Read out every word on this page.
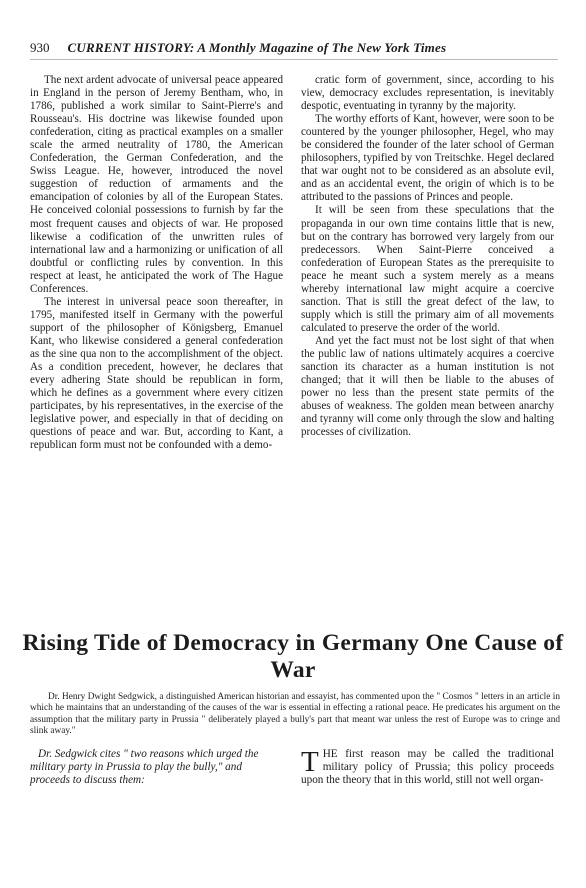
930 CURRENT HISTORY: A Monthly Magazine of The New York Times

The next ardent advocate of universal peace appeared in England in the person of Jeremy Bentham, who, in 1786, published a work similar to Saint-Pierre's and Rousseau's. His doctrine was likewise founded upon confederation, citing as practical examples on a smaller scale the armed neutrality of 1780, the American Confederation, the German Confederation, and the Swiss League. He, however, introduced the novel suggestion of reduction of armaments and the emancipation of colonies by all of the European States. He conceived colonial possessions to furnish by far the most frequent causes and objects of war. He proposed likewise a codification of the unwritten rules of international law and a harmonizing or unification of all doubtful or conflicting rules by convention. In this respect at least, he anticipated the work of The Hague Conferences.

The interest in universal peace soon thereafter, in 1795, manifested itself in Germany with the powerful support of the philosopher of Königsberg, Emanuel Kant, who likewise considered a general confederation as the sine qua non to the accomplishment of the object. As a condition precedent, however, he declares that every adhering State should be republican in form, which he defines as a government where every citizen participates, by his representatives, in the exercise of the legislative power, and especially in that of deciding on questions of peace and war. But, according to Kant, a republican form must not be confounded with a demo-

cratic form of government, since, according to his view, democracy excludes representation, is inevitably despotic, eventuating in tyranny by the majority.

The worthy efforts of Kant, however, were soon to be countered by the younger philosopher, Hegel, who may be considered the founder of the later school of German philosophers, typified by von Treitschke. Hegel declared that war ought not to be considered as an absolute evil, and as an accidental event, the origin of which is to be attributed to the passions of Princes and people.

It will be seen from these speculations that the propaganda in our own time contains little that is new, but on the contrary has borrowed very largely from our predecessors. When Saint-Pierre conceived a confederation of European States as the prerequisite to peace he meant such a system merely as a means whereby international law might acquire a coercive sanction. That is still the great defect of the law, to supply which is still the primary aim of all movements calculated to preserve the order of the world.

And yet the fact must not be lost sight of that when the public law of nations ultimately acquires a coercive sanction its character as a human institution is not changed; that it will then be liable to the abuses of power no less than the present state permits of the abuses of weakness. The golden mean between anarchy and tyranny will come only through the slow and halting processes of civilization.

Rising Tide of Democracy in Germany One Cause of War

Dr. Henry Dwight Sedgwick, a distinguished American historian and essayist, has commented upon the " Cosmos " letters in an article in which he maintains that an understanding of the causes of the war is essential in effecting a rational peace. He predicates his argument on the assumption that the military party in Prussia " deliberately played a bully's part that meant war unless the rest of Europe was to cringe and slink away."

Dr. Sedgwick cites " two reasons which urged the military party in Prussia to play the bully," and proceeds to discuss them:

THE first reason may be called the traditional military policy of Prussia; this policy proceeds upon the theory that in this world, still not well organ-
